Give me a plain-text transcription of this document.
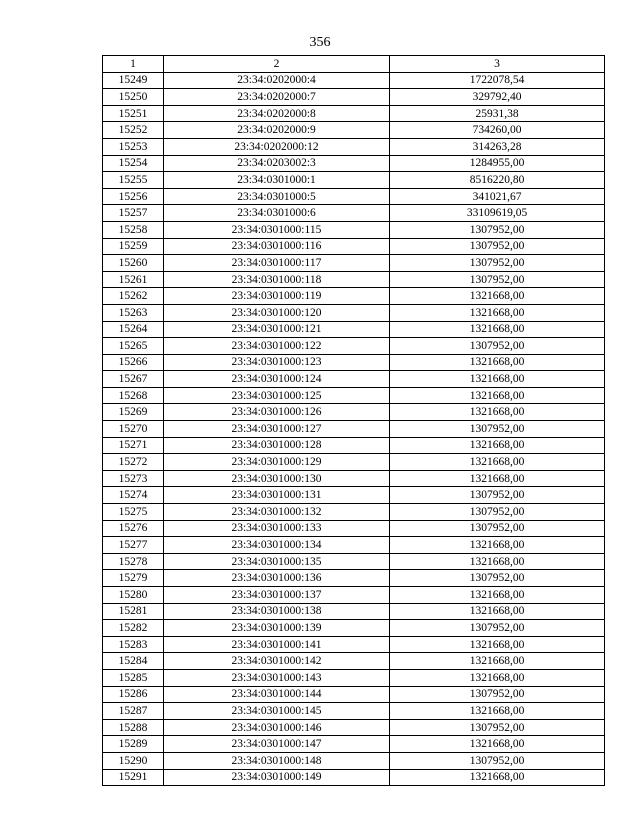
356
1	2	3
15249	23:34:0202000:4	1722078,54
15250	23:34:0202000:7	329792,40
15251	23:34:0202000:8	25931,38
15252	23:34:0202000:9	734260,00
15253	23:34:0202000:12	314263,28
15254	23:34:0203002:3	1284955,00
15255	23:34:0301000:1	8516220,80
15256	23:34:0301000:5	341021,67
15257	23:34:0301000:6	33109619,05
15258	23:34:0301000:115	1307952,00
15259	23:34:0301000:116	1307952,00
15260	23:34:0301000:117	1307952,00
15261	23:34:0301000:118	1307952,00
15262	23:34:0301000:119	1321668,00
15263	23:34:0301000:120	1321668,00
15264	23:34:0301000:121	1321668,00
15265	23:34:0301000:122	1307952,00
15266	23:34:0301000:123	1321668,00
15267	23:34:0301000:124	1321668,00
15268	23:34:0301000:125	1321668,00
15269	23:34:0301000:126	1321668,00
15270	23:34:0301000:127	1307952,00
15271	23:34:0301000:128	1321668,00
15272	23:34:0301000:129	1321668,00
15273	23:34:0301000:130	1321668,00
15274	23:34:0301000:131	1307952,00
15275	23:34:0301000:132	1307952,00
15276	23:34:0301000:133	1307952,00
15277	23:34:0301000:134	1321668,00
15278	23:34:0301000:135	1321668,00
15279	23:34:0301000:136	1307952,00
15280	23:34:0301000:137	1321668,00
15281	23:34:0301000:138	1321668,00
15282	23:34:0301000:139	1307952,00
15283	23:34:0301000:141	1321668,00
15284	23:34:0301000:142	1321668,00
15285	23:34:0301000:143	1321668,00
15286	23:34:0301000:144	1307952,00
15287	23:34:0301000:145	1321668,00
15288	23:34:0301000:146	1307952,00
15289	23:34:0301000:147	1321668,00
15290	23:34:0301000:148	1307952,00
15291	23:34:0301000:149	1321668,00
